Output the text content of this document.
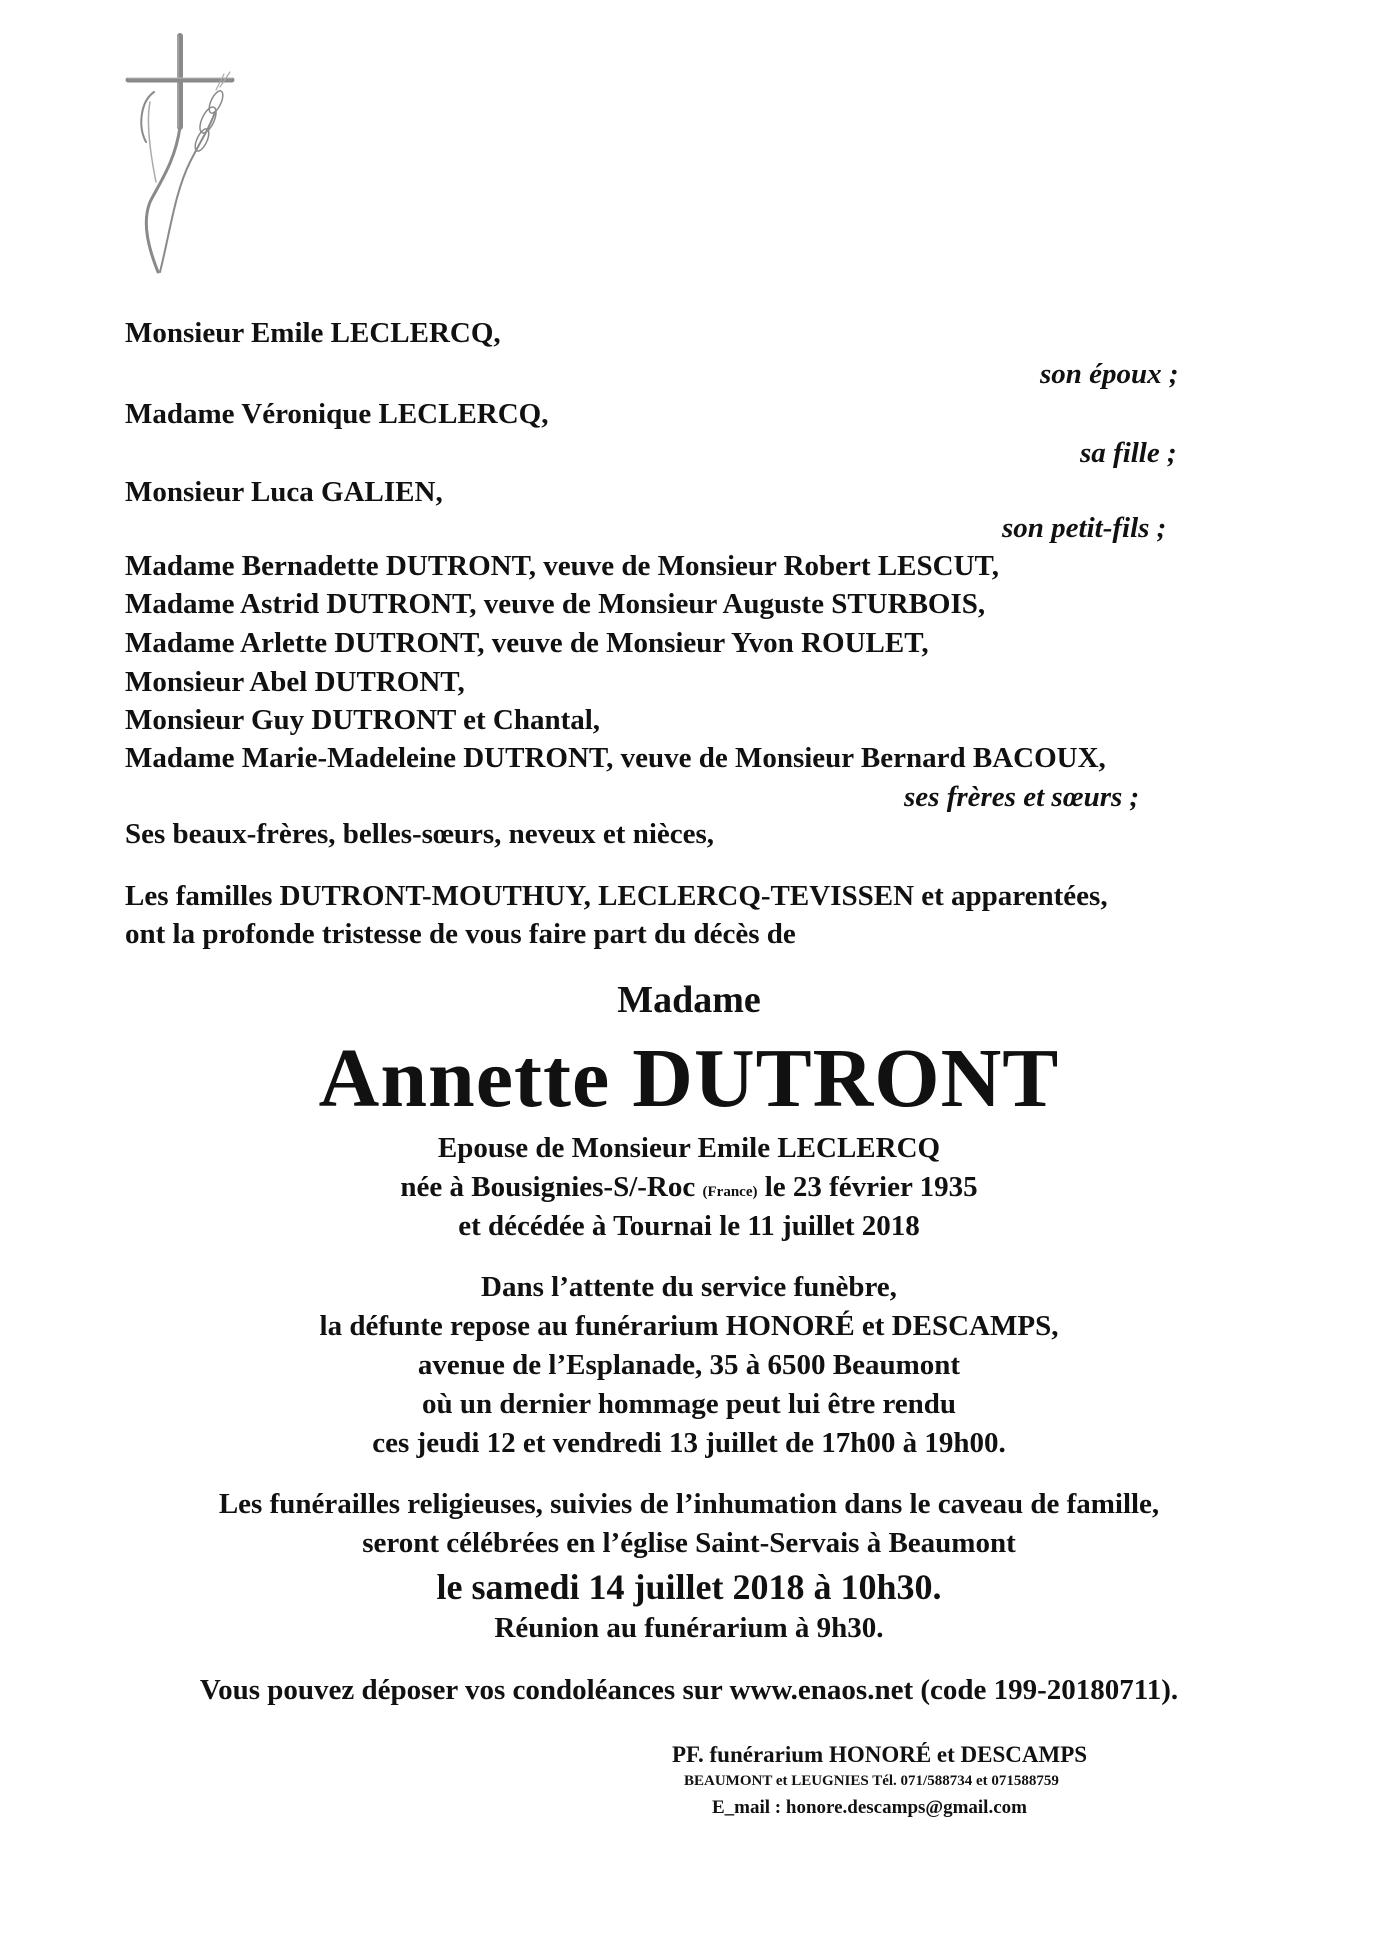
Monsieur Emile LECLERCQ,
son époux ;
Madame Véronique LECLERCQ,
sa fille ;
Monsieur Luca GALIEN,
son petit-fils ;
Madame Bernadette DUTRONT, veuve de Monsieur Robert LESCUT,
Madame Astrid DUTRONT, veuve de Monsieur Auguste STURBOIS,
Madame Arlette DUTRONT, veuve de Monsieur Yvon ROULET,
Monsieur Abel DUTRONT,
Monsieur Guy DUTRONT et Chantal,
Madame Marie-Madeleine DUTRONT, veuve de Monsieur Bernard BACOUX,
ses frères et sœurs ;
Ses beaux-frères, belles-sœurs, neveux et nièces,
Les familles DUTRONT-MOUTHUY, LECLERCQ-TEVISSEN et apparentées,
ont la profonde tristesse de vous faire part du décès de
Madame
Annette DUTRONT
Epouse de Monsieur Emile LECLERCQ
née à Bousignies-S/-Roc (France) le 23 février 1935
et décédée à Tournai le 11 juillet 2018
Dans l’attente du service funèbre,
la défunte repose au funérarium HONORÉ et DESCAMPS,
avenue de l’Esplanade, 35 à 6500 Beaumont
où un dernier hommage peut lui être rendu
ces jeudi 12 et vendredi 13 juillet de 17h00 à 19h00.
Les funérailles religieuses, suivies de l’inhumation dans le caveau de famille,
seront célébrées en l’église Saint-Servais à Beaumont
le samedi 14 juillet 2018 à 10h30.
Réunion au funérarium à 9h30.
Vous pouvez déposer vos condoléances sur www.enaos.net (code 199-20180711).
PF. funérarium HONORÉ et DESCAMPS
BEAUMONT et LEUGNIES Tél. 071/588734 et 071588759
E_mail : honore.descamps@gmail.com
